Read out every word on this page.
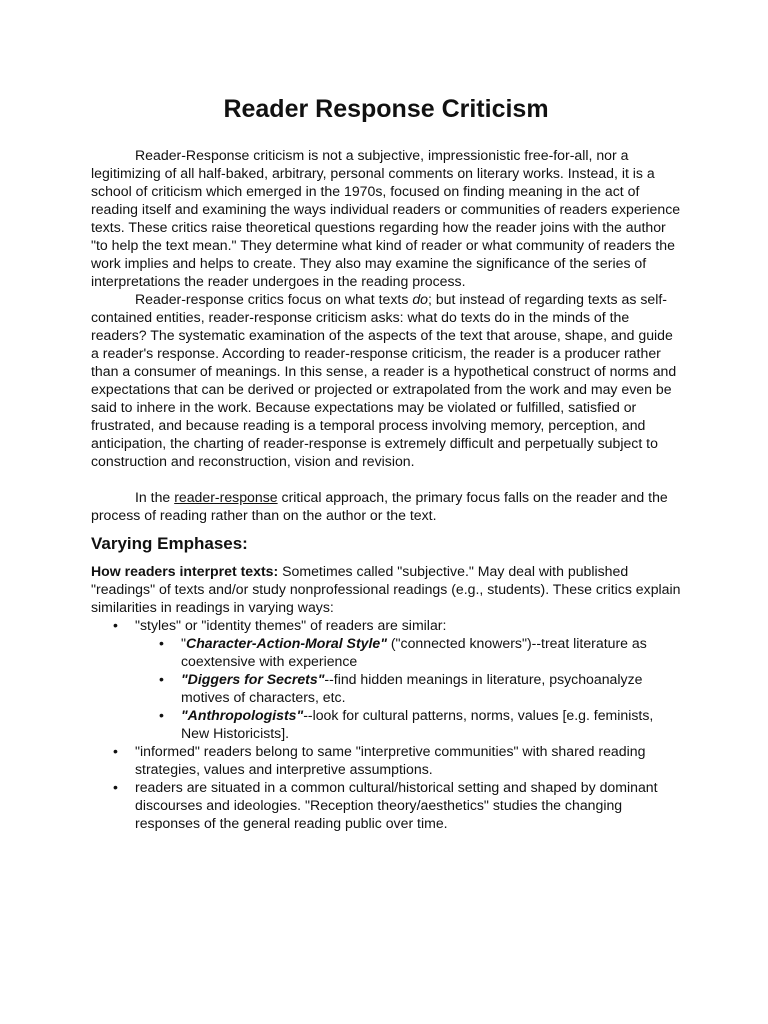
Reader Response Criticism

Reader-Response criticism is not a subjective, impressionistic free-for-all, nor a legitimizing of all half-baked, arbitrary, personal comments on literary works. Instead, it is a school of criticism which emerged in the 1970s, focused on finding meaning in the act of reading itself and examining the ways individual readers or communities of readers experience texts. These critics raise theoretical questions regarding how the reader joins with the author "to help the text mean." They determine what kind of reader or what community of readers the work implies and helps to create. They also may examine the significance of the series of interpretations the reader undergoes in the reading process.

Reader-response critics focus on what texts do; but instead of regarding texts as self-contained entities, reader-response criticism asks: what do texts do in the minds of the readers? The systematic examination of the aspects of the text that arouse, shape, and guide a reader's response. According to reader-response criticism, the reader is a producer rather than a consumer of meanings. In this sense, a reader is a hypothetical construct of norms and expectations that can be derived or projected or extrapolated from the work and may even be said to inhere in the work. Because expectations may be violated or fulfilled, satisfied or frustrated, and because reading is a temporal process involving memory, perception, and anticipation, the charting of reader-response is extremely difficult and perpetually subject to construction and reconstruction, vision and revision.

In the reader-response critical approach, the primary focus falls on the reader and the process of reading rather than on the author or the text.

Varying Emphases:
How readers interpret texts: Sometimes called "subjective." May deal with published "readings" of texts and/or study nonprofessional readings (e.g., students). These critics explain similarities in readings in varying ways:
• "styles" or "identity themes" of readers are similar:
• "Character-Action-Moral Style" ("connected knowers")--treat literature as coextensive with experience
• "Diggers for Secrets"--find hidden meanings in literature, psychoanalyze motives of characters, etc.
• "Anthropologists"--look for cultural patterns, norms, values [e.g. feminists, New Historicists].
• "informed" readers belong to same "interpretive communities" with shared reading strategies, values and interpretive assumptions.
• readers are situated in a common cultural/historical setting and shaped by dominant discourses and ideologies. "Reception theory/aesthetics" studies the changing responses of the general reading public over time.
